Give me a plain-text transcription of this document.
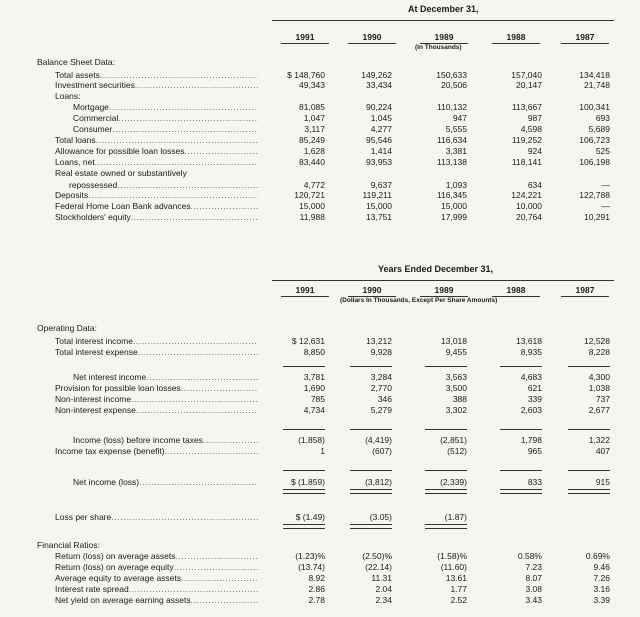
At December 31,
1991	1990	1989	1988	1987
(In Thousands)
Balance Sheet Data:
Total assets .....	$ 148,760	149,262	150,633	157,040	134,418
Investment securities .....	49,343	33,434	20,506	20,147	21,748
Loans:
Mortgage .....	81,085	90,224	110,132	113,667	100,341
Commercial .....	1,047	1,045	947	987	693
Consumer .....	3,117	4,277	5,555	4,598	5,689
Total loans .....	85,249	95,546	116,634	119,252	106,723
Allowance for possible loan losses .....	1,628	1,414	3,381	924	525
Loans, net .....	83,440	93,953	113,138	118,141	106,198
Real estate owned or substantively
repossessed .....	4,772	9,637	1,093	634	—
Deposits .....	120,721	119,211	116,345	124,221	122,788
Federal Home Loan Bank advances .....	15,000	15,000	15,000	10,000	—
Stockholders' equity .....	11,988	13,751	17,999	20,764	10,291
Years Ended December 31,
1991	1990	1989	1988	1987
(Dollars In Thousands, Except Per Share Amounts)
Operating Data:
Total interest income .....	$ 12,631	13,212	13,018	13,618	12,528
Total interest expense .....	8,850	9,928	9,455	8,935	8,228
Net interest income .....	3,781	3,284	3,563	4,683	4,300
Provision for possible loan losses .....	1,690	2,770	3,500	621	1,038
Non-interest income .....	785	346	388	339	737
Non-interest expense .....	4,734	5,279	3,302	2,603	2,677
Income (loss) before income taxes .....	(1,858)	(4,419)	(2,851)	1,798	1,322
Income tax expense (benefit) .....	1	(607)	(512)	965	407
Net income (loss) .....	$ (1,859)	(3,812)	(2,339)	833	915
Loss per share .....	$ (1.49)	(3.05)	(1.87)
Financial Ratios:
Return (loss) on average assets .....	(1.23)%	(2.50)%	(1.58)%	0.58%	0.69%
Return (loss) on average equity .....	(13.74)	(22.14)	(11.60)	7.23	9.46
Average equity to average assets .....	8.92	11.31	13.61	8.07	7.26
Interest rate spread .....	2.86	2.04	1.77	3.08	3.16
Net yield on average earning assets .....	2.78	2.34	2.52	3.43	3.39
